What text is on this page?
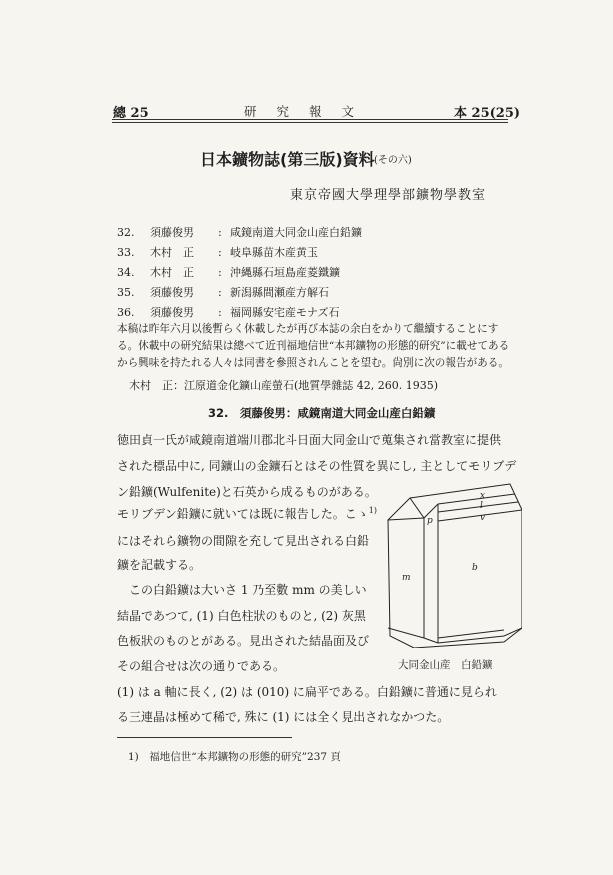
總 25	研究報文	本 25(25)
日本鑛物誌(第三版)資料 (その六)
東京帝國大學理學部鑛物學教室
32. 須藤俊男 : 咸鏡南道大同金山産白鉛鑛
33. 木村　正 : 岐阜縣苗木産黄玉
34. 木村　正 : 沖縄縣石垣島産菱鐵鑛
35. 須藤俊男 : 新潟縣間瀬産方解石
36. 須藤俊男 : 福岡縣安宅産モナズ石
本稿は昨年六月以後暫らく休載したが再び本誌の余白をかりて繼續することにす
る。休載中の研究結果は總べて近刊福地信世“本邦鑛物の形態的研究”に載せてある
から興味を持たれる人々は同書を參照されんことを望む。尙別に次の報告がある。
木村　正：江原道金化鑛山産螢石(地質學雜誌 42, 260. 1935)
32.　須藤俊男：咸鏡南道大同金山産白鉛鑛
徳田貞一氏が咸鏡南道端川郡北斗日面大同金山で蒐集され當教室に提供
された標品中に, 同鑛山の金鑛石とはその性質を異にし, 主としてモリブデ
ン鉛鑛(Wulfenite)と石英から成るものがある。
モリブデン鉛鑛に就いては既に報告した。こゝ$^{1)}$
にはそれら鑛物の間隙を充して見出される白鉛
鑛を記載する。
この白鉛鑛は大いさ 1 乃至數 mm の美しい
結晶であつて, (1) 白色柱狀のものと, (2) 灰黑
色板狀のものとがある。見出された結晶面及び
その組合せは次の通りである。
x
l
p	v
m
b
大同金山産　白鉛鑛
(1) は a 軸に長く, (2) は (010) に扁平である。白鉛鑛に普通に見られ
る三連晶は極めて稀で, 殊に (1) には全く見出されなかつた。
1)　福地信世“本邦鑛物の形態的研究”237 頁
